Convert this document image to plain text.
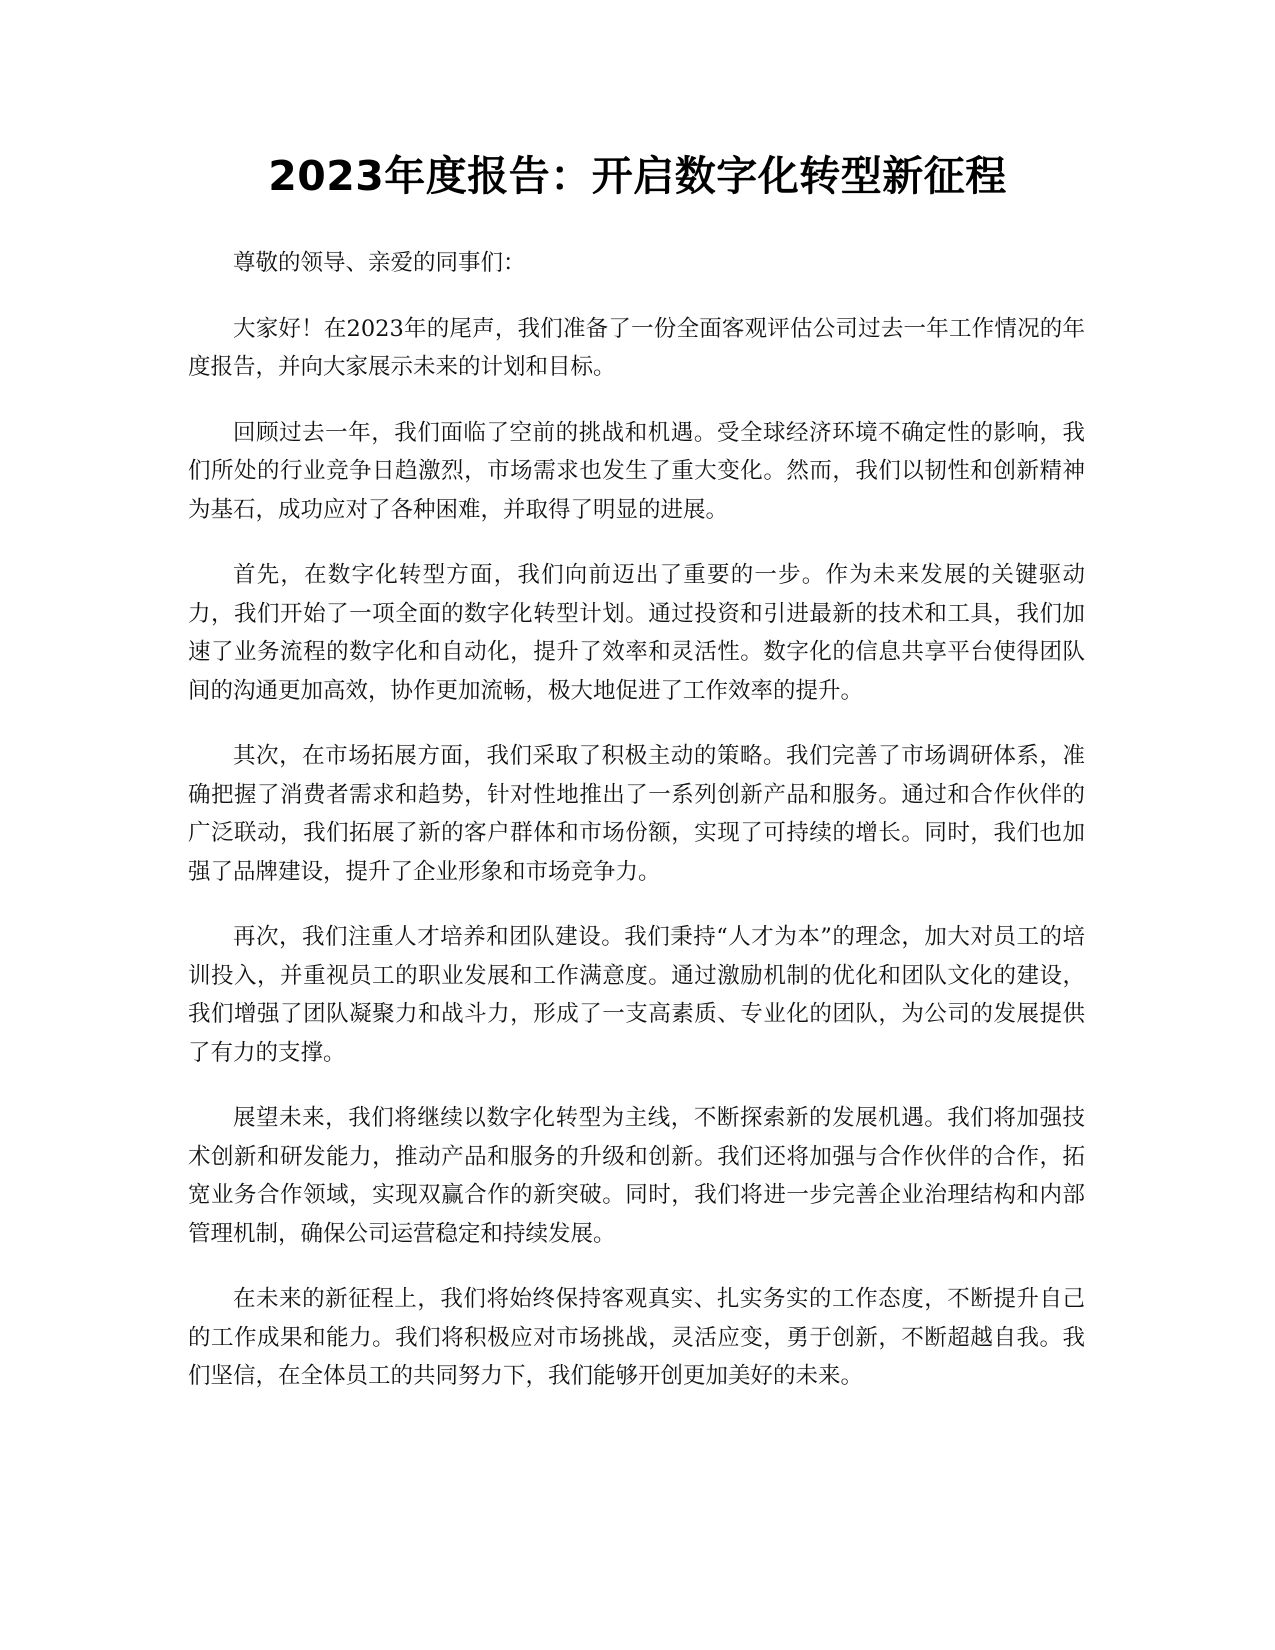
2023年度报告：开启数字化转型新征程

尊敬的领导、亲爱的同事们：

大家好！在2023年的尾声，我们准备了一份全面客观评估公司过去一年工作情况的年度报告，并向大家展示未来的计划和目标。

回顾过去一年，我们面临了空前的挑战和机遇。受全球经济环境不确定性的影响，我们所处的行业竞争日趋激烈，市场需求也发生了重大变化。然而，我们以韧性和创新精神为基石，成功应对了各种困难，并取得了明显的进展。

首先，在数字化转型方面，我们向前迈出了重要的一步。作为未来发展的关键驱动力，我们开始了一项全面的数字化转型计划。通过投资和引进最新的技术和工具，我们加速了业务流程的数字化和自动化，提升了效率和灵活性。数字化的信息共享平台使得团队间的沟通更加高效，协作更加流畅，极大地促进了工作效率的提升。

其次，在市场拓展方面，我们采取了积极主动的策略。我们完善了市场调研体系，准确把握了消费者需求和趋势，针对性地推出了一系列创新产品和服务。通过和合作伙伴的广泛联动，我们拓展了新的客户群体和市场份额，实现了可持续的增长。同时，我们也加强了品牌建设，提升了企业形象和市场竞争力。

再次，我们注重人才培养和团队建设。我们秉持“人才为本”的理念，加大对员工的培训投入，并重视员工的职业发展和工作满意度。通过激励机制的优化和团队文化的建设，我们增强了团队凝聚力和战斗力，形成了一支高素质、专业化的团队，为公司的发展提供了有力的支撑。

展望未来，我们将继续以数字化转型为主线，不断探索新的发展机遇。我们将加强技术创新和研发能力，推动产品和服务的升级和创新。我们还将加强与合作伙伴的合作，拓宽业务合作领域，实现双赢合作的新突破。同时，我们将进一步完善企业治理结构和内部管理机制，确保公司运营稳定和持续发展。

在未来的新征程上，我们将始终保持客观真实、扎实务实的工作态度，不断提升自己的工作成果和能力。我们将积极应对市场挑战，灵活应变，勇于创新，不断超越自我。我们坚信，在全体员工的共同努力下，我们能够开创更加美好的未来。
